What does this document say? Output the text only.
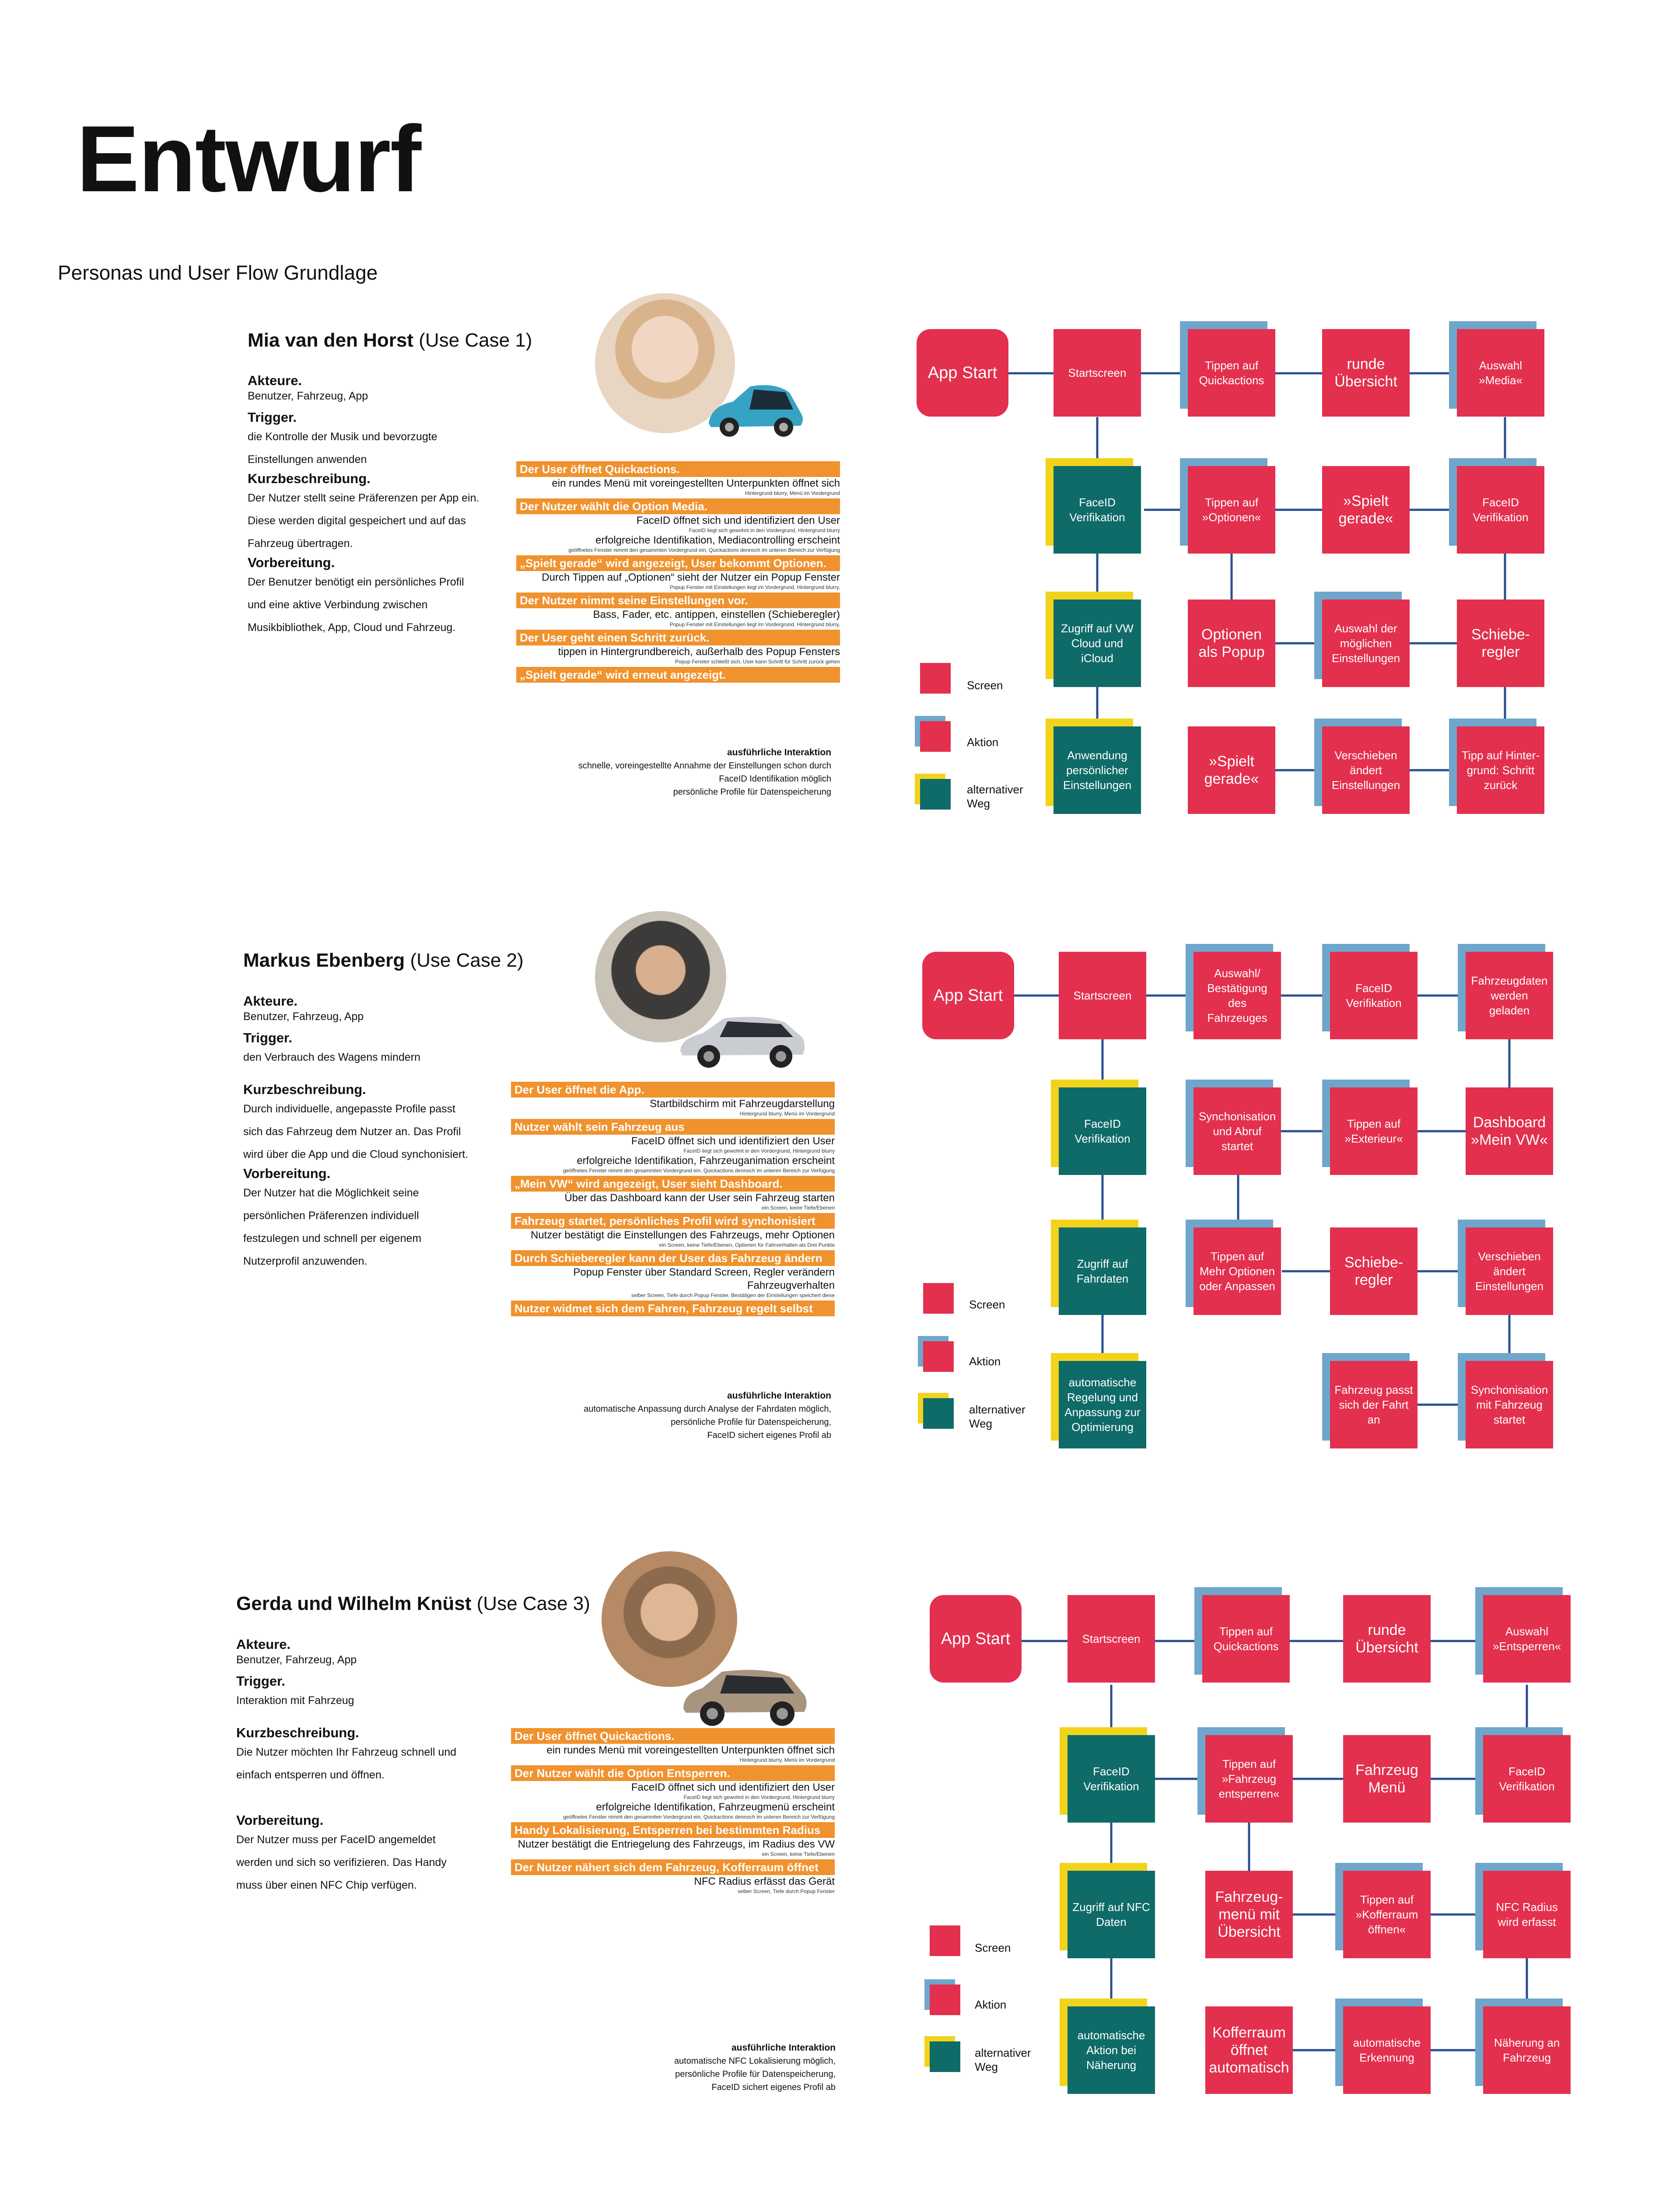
Entwurf
Personas und User Flow Grundlage
Mia van den Horst (Use Case 1)
Akteure.
Benutzer, Fahrzeug, App
Trigger.
die Kontrolle der Musik und bevorzugte Einstellungen anwenden
Kurzbeschreibung.
Der Nutzer stellt seine Präferenzen per App ein. Diese werden digital gespeichert und auf das Fahrzeug übertragen.
Vorbereitung.
Der Benutzer benötigt ein persönliches Profil und eine aktive Verbindung zwischen Musikbibliothek, App, Cloud und Fahrzeug.
Der User öffnet Quickactions.
ein rundes Menü mit voreingestellten Unterpunkten öffnet sich
Hintergrund blurry, Menü im Vordergrund
Der Nutzer wählt die Option Media.
FaceID öffnet sich und identifiziert den User
FaceID liegt sich gewohnt in den Vordergrund, Hintergrund blurry
erfolgreiche Identifikation, Mediacontrolling erscheint
geöffnetes Fenster nimmt den gesammten Vordergrund ein, Quickactions dennoch im unteren Bereich zur Verfügung
„Spielt gerade“ wird angezeigt, User bekommt Optionen.
Durch Tippen auf „Optionen“ sieht der Nutzer ein Popup Fenster
Popup Fenster mit Einstellungen liegt im Vordergrund, Hintergrund blurry,
Der Nutzer nimmt seine Einstellungen vor.
Bass, Fader, etc. antippen, einstellen (Schieberegler)
Popup Fenster mit Einstellungen liegt im Vordergrund, Hintergrund blurry,
Der User geht einen Schritt zurück.
tippen in Hintergrundbereich, außerhalb des Popup Fensters
Popup Fenster schließt sich, User kann Schritt für Schritt zurück gehen
„Spielt gerade“ wird erneut angezeigt.
ausführliche Interaktion
schnelle, voreingestellte Annahme der Einstellungen schon durch
FaceID Identifikation möglich
persönliche Profile für Datenspeicherung
Markus Ebenberg (Use Case 2)
Akteure.
Benutzer, Fahrzeug, App
Trigger.
den Verbrauch des Wagens mindern
Kurzbeschreibung.
Durch individuelle, angepasste Profile passt sich das Fahrzeug dem Nutzer an. Das Profil wird über die App und die Cloud synchonisiert.
Vorbereitung.
Der Nutzer hat die Möglichkeit seine persönlichen Präferenzen individuell festzulegen und schnell per eigenem Nutzerprofil anzuwenden.
Der User öffnet die App.
Startbildschirm mit Fahrzeugdarstellung
Hintergrund blurry, Menü im Vordergrund
Nutzer wählt sein Fahrzeug aus
FaceID öffnet sich und identifiziert den User
FaceID liegt sich gewohnt in den Vordergrund, Hintergrund blurry
erfolgreiche Identifikation, Fahrzeuganimation erscheint
geöffnetes Fenster nimmt den gesammten Vordergrund ein, Quickactions dennoch im unteren Bereich zur Verfügung
„Mein VW“ wird angezeigt, User sieht Dashboard.
Über das Dashboard kann der User sein Fahrzeug starten
ein Screen, keine Tiefe/Ebenen
Fahrzeug startet, persönliches Profil wird synchonisiert
Nutzer bestätigt die Einstellungen des Fahrzeugs, mehr Optionen
ein Screen, keine Tiefe/Ebenen, Optionen für Fahrverhalten als Drei Punkte
Durch Schieberegler kann der User das Fahrzeug ändern
Popup Fenster über Standard Screen, Regler verändern Fahrzeugverhalten
selber Screen, Tiefe durch Popup Fenster, Bestätigen der Einstellungen speichert diese
Nutzer widmet sich dem Fahren, Fahrzeug regelt selbst
ausführliche Interaktion
automatische Anpassung durch Analyse der Fahrdaten möglich,
persönliche Profile für Datenspeicherung,
FaceID sichert eigenes Profil ab
Gerda und Wilhelm Knüst (Use Case 3)
Akteure.
Benutzer, Fahrzeug, App
Trigger.
Interaktion mit Fahrzeug
Kurzbeschreibung.
Die Nutzer möchten Ihr Fahrzeug schnell und einfach entsperren und öffnen.
Vorbereitung.
Der Nutzer muss per FaceID angemeldet werden und sich so verifizieren. Das Handy muss über einen NFC Chip verfügen.
Der User öffnet Quickactions.
ein rundes Menü mit voreingestellten Unterpunkten öffnet sich
Hintergrund blurry, Menü im Vordergrund
Der Nutzer wählt die Option Entsperren.
FaceID öffnet sich und identifiziert den User
FaceID liegt sich gewohnt in den Vordergrund, Hintergrund blurry
erfolgreiche Identifikation, Fahrzeugmenü erscheint
geöffnetes Fenster nimmt den gesammten Vordergrund ein, Quickactions dennoch im unteren Bereich zur Verfügung
Handy Lokalisierung, Entsperren bei bestimmten Radius
Nutzer bestätigt die Entriegelung des Fahrzeugs, im Radius des VW
ein Screen, keine Tiefe/Ebenen
Der Nutzer nähert sich dem Fahrzeug, Kofferraum öffnet
NFC Radius erfässt das Gerät
selber Screen, Tiefe durch Popup Fenster
ausführliche Interaktion
automatische NFC Lokalisierung möglich,
persönliche Profile für Datenspeicherung,
FaceID sichert eigenes Profil ab
App Start	Startscreen
Tippen auf Quickactions
runde Übersicht
Auswahl »Media«
FaceID Verifikation
Tippen auf »Optionen«
»Spielt gerade«
FaceID Verifikation
Zugriff auf VW Cloud und iCloud
Optionen als Popup
Auswahl der möglichen Einstellungen
Schiebe- regler
Anwendung persönlicher Einstellungen
»Spielt gerade«
Verschieben ändert Einstellungen
Tipp auf Hinter- grund: Schritt zurück
Screen
Aktion
alternativer Weg
App Start	Startscreen
Auswahl/ Bestätigung des Fahrzeuges
FaceID Verifikation
Fahrzeugdaten werden geladen
FaceID Verifikation
Synchonisation und Abruf startet
Tippen auf »Exterieur«
Dashboard »Mein VW«
Zugriff auf Fahrdaten
Tippen auf Mehr Optionen oder Anpassen
Schiebe- regler
Verschieben ändert Einstellungen
automatische Regelung und Anpassung zur Optimierung
Fahrzeug passt sich der Fahrt an
Synchonisation mit Fahrzeug startet
Screen
Aktion
alternativer Weg
App Start	Startscreen
Tippen auf Quickactions
runde Übersicht
Auswahl »Entsperren«
FaceID Verifikation
Tippen auf »Fahrzeug entsperren«
Fahrzeug Menü
FaceID Verifikation
Zugriff auf NFC Daten
Fahrzeug- menü mit Übersicht
Tippen auf »Kofferraum öffnen«
NFC Radius wird erfasst
automatische Aktion bei Näherung
Kofferraum öffnet automatisch
automatische Erkennung
Näherung an Fahrzeug
Screen
Aktion
alternativer Weg
